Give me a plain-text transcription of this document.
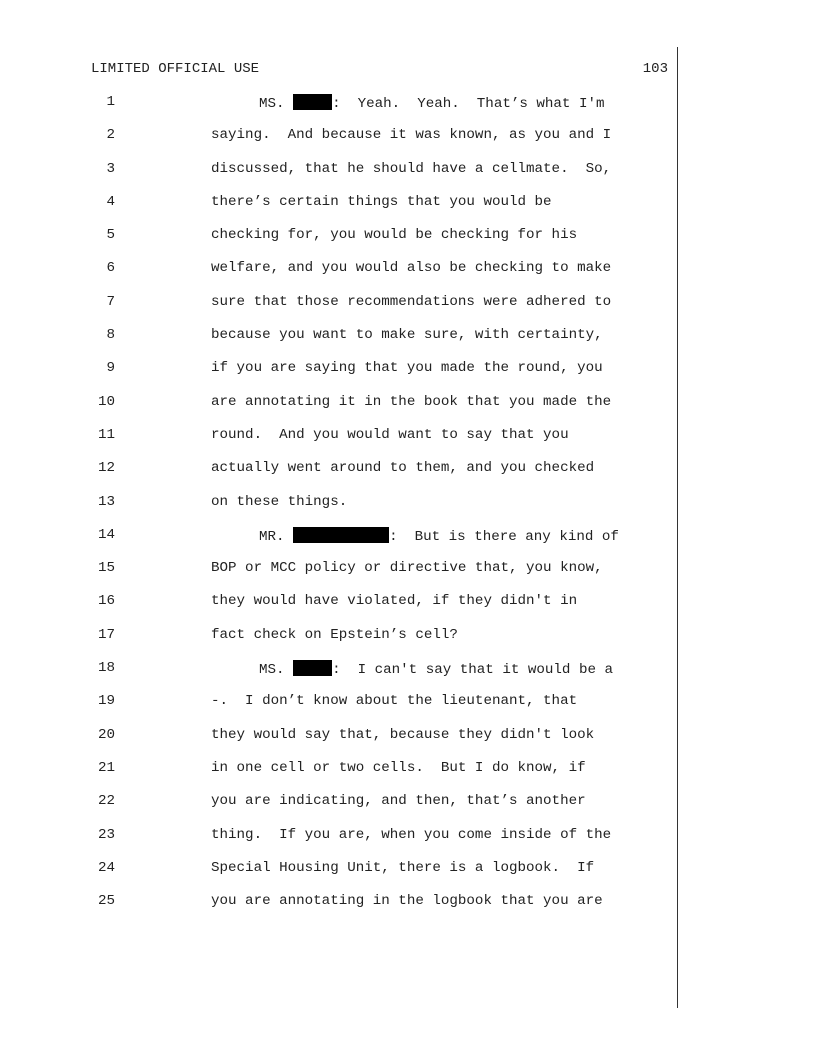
LIMITED OFFICIAL USE	103
1	MS.	:  Yeah.  Yeah.  That’s what I'm
2	saying.  And because it was known, as you and I
3	discussed, that he should have a cellmate.  So,
4	there’s certain things that you would be
5	checking for, you would be checking for his
6	welfare, and you would also be checking to make
7	sure that those recommendations were adhered to
8	because you want to make sure, with certainty,
9	if you are saying that you made the round, you
10	are annotating it in the book that you made the
11	round.  And you would want to say that you
12	actually went around to them, and you checked
13	on these things.
14	MR.	:  But is there any kind of
15	BOP or MCC policy or directive that, you know,
16	they would have violated, if they didn't in
17	fact check on Epstein’s cell?
18	MS.	:  I can't say that it would be a
19	-.  I don’t know about the lieutenant, that
20	they would say that, because they didn't look
21	in one cell or two cells.  But I do know, if
22	you are indicating, and then, that’s another
23	thing.  If you are, when you come inside of the
24	Special Housing Unit, there is a logbook.  If
25	you are annotating in the logbook that you are
